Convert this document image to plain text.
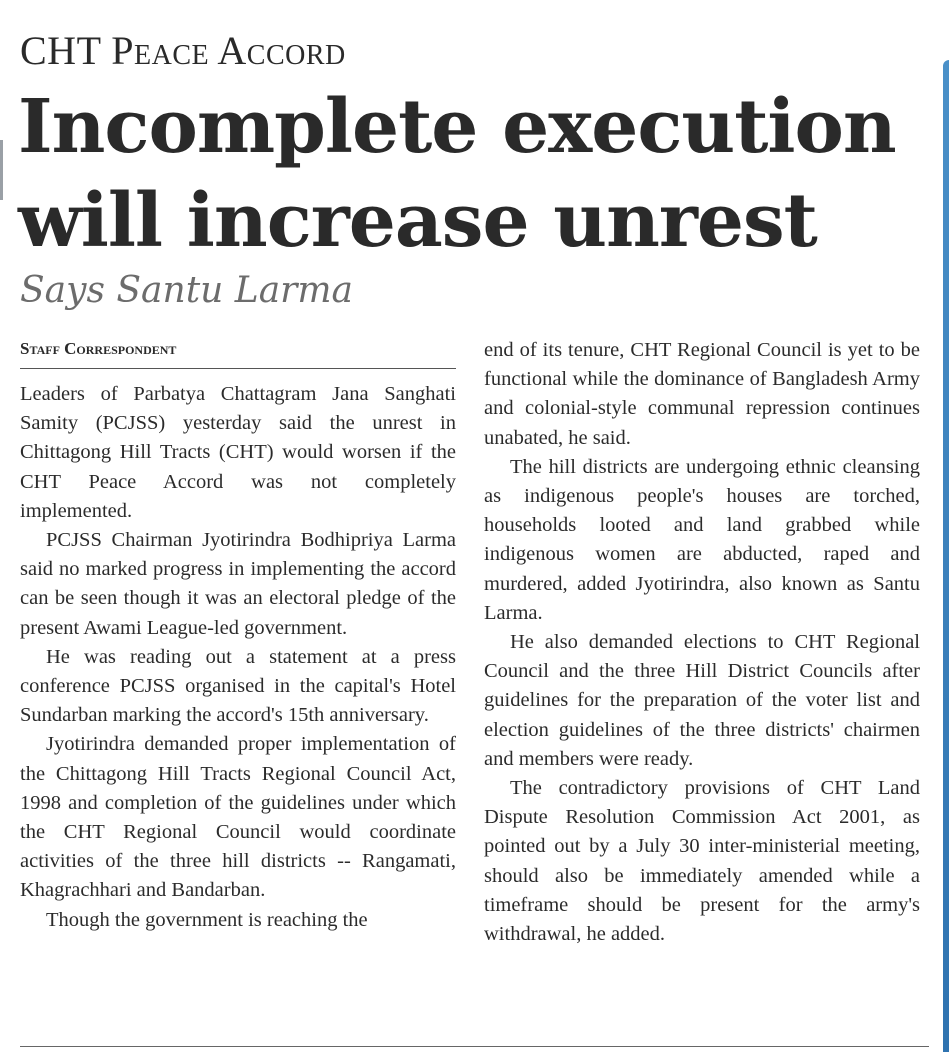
CHT Peace Accord
Incomplete execution
will increase unrest
Says Santu Larma
Staff Correspondent

Leaders of Parbatya Chattagram Jana Sanghati Samity (PCJSS) yesterday said the unrest in Chittagong Hill Tracts (CHT) would worsen if the CHT Peace Accord was not completely implemented.

PCJSS Chairman Jyotirindra Bodhipriya Larma said no marked progress in implementing the accord can be seen though it was an electoral pledge of the present Awami League-led government.

He was reading out a statement at a press conference PCJSS organised in the capital's Hotel Sundarban marking the accord's 15th anniversary.

Jyotirindra demanded proper implementation of the Chittagong Hill Tracts Regional Council Act, 1998 and completion of the guidelines under which the CHT Regional Council would coordinate activities of the three hill districts -- Rangamati, Khagrachhari and Bandarban.

Though the government is reaching the

end of its tenure, CHT Regional Council is yet to be functional while the dominance of Bangladesh Army and colonial-style communal repression continues unabated, he said.

The hill districts are undergoing ethnic cleansing as indigenous people's houses are torched, households looted and land grabbed while indigenous women are abducted, raped and murdered, added Jyotirindra, also known as Santu Larma.

He also demanded elections to CHT Regional Council and the three Hill District Councils after guidelines for the preparation of the voter list and election guidelines of the three districts' chairmen and members were ready.

The contradictory provisions of CHT Land Dispute Resolution Commission Act 2001, as pointed out by a July 30 inter-ministerial meeting, should also be immediately amended while a timeframe should be present for the army's withdrawal, he added.
